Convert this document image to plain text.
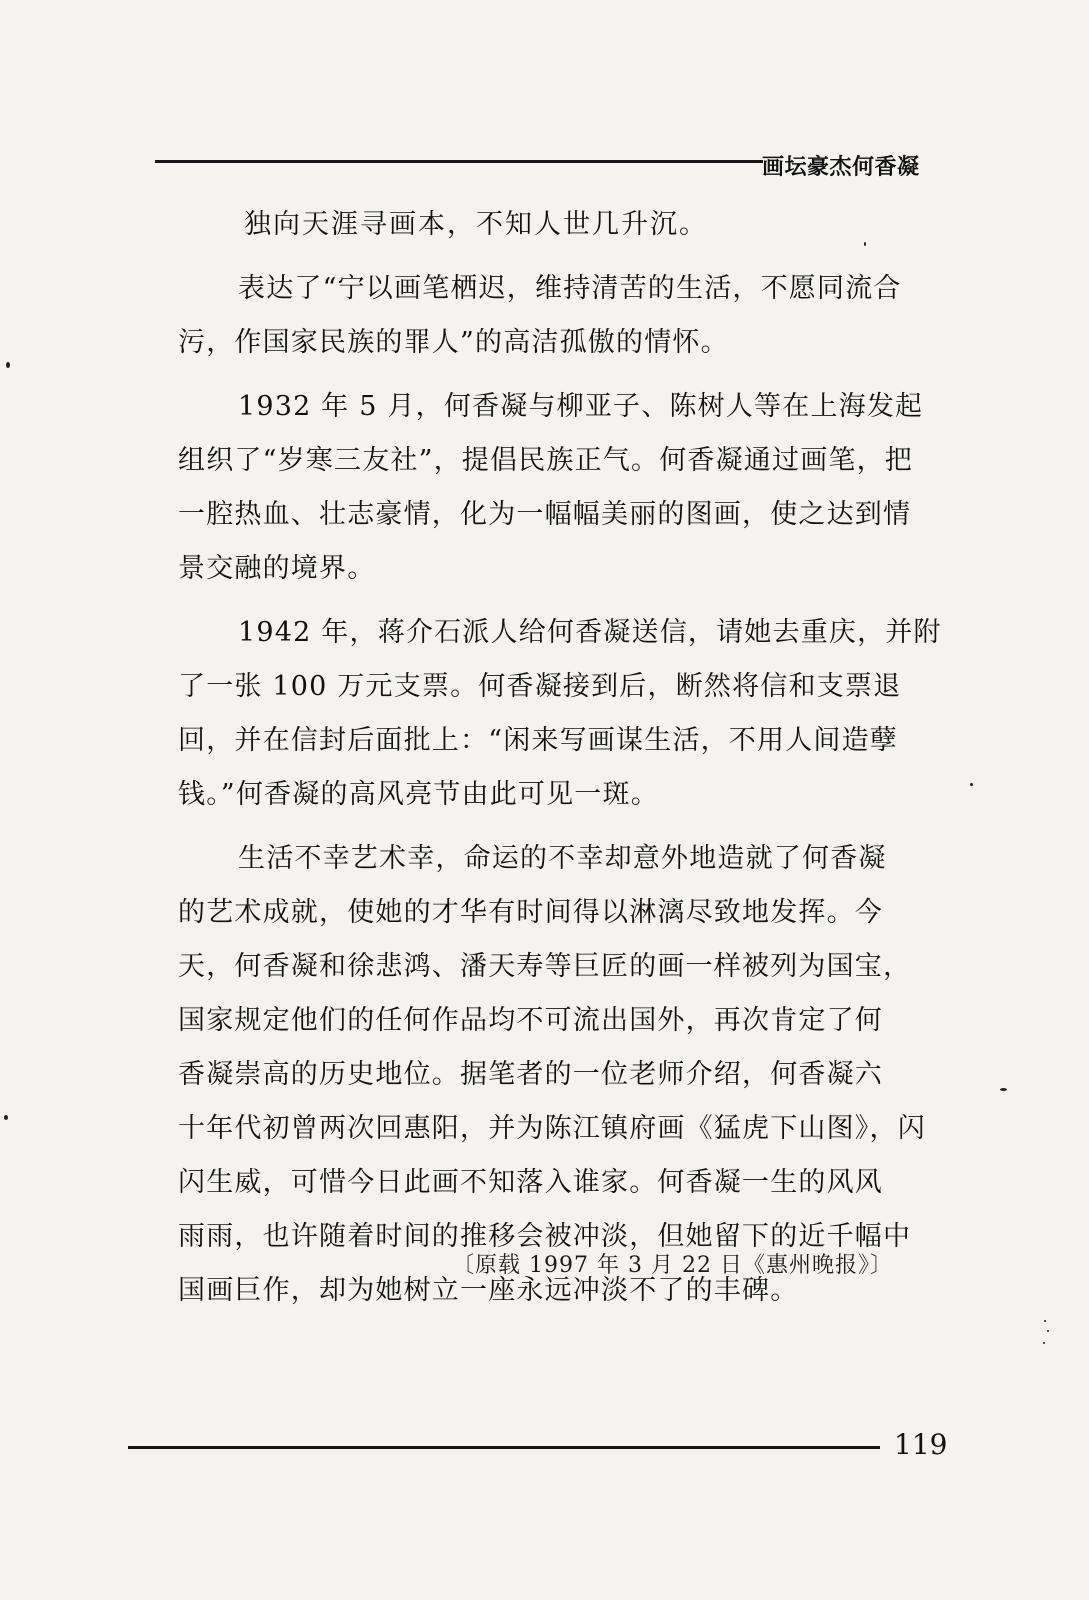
画坛豪杰何香凝
独向天涯寻画本，不知人世几升沉。
表达了“宁以画笔栖迟，维持清苦的生活，不愿同流合
污，作国家民族的罪人”的高洁孤傲的情怀。
1932 年 5 月，何香凝与柳亚子、陈树人等在上海发起
组织了“岁寒三友社”，提倡民族正气。何香凝通过画笔，把
一腔热血、壮志豪情，化为一幅幅美丽的图画，使之达到情
景交融的境界。
1942 年，蒋介石派人给何香凝送信，请她去重庆，并附
了一张 100 万元支票。何香凝接到后，断然将信和支票退
回，并在信封后面批上：“闲来写画谋生活，不用人间造孽
钱。”何香凝的高风亮节由此可见一斑。
生活不幸艺术幸，命运的不幸却意外地造就了何香凝
的艺术成就，使她的才华有时间得以淋漓尽致地发挥。今
天，何香凝和徐悲鸿、潘天寿等巨匠的画一样被列为国宝，
国家规定他们的任何作品均不可流出国外，再次肯定了何
香凝崇高的历史地位。据笔者的一位老师介绍，何香凝六
十年代初曾两次回惠阳，并为陈江镇府画《猛虎下山图》，闪
闪生威，可惜今日此画不知落入谁家。何香凝一生的风风
雨雨，也许随着时间的推移会被冲淡，但她留下的近千幅中
国画巨作，却为她树立一座永远冲淡不了的丰碑。
〔原载 1997 年 3 月 22 日《惠州晚报》〕
119
